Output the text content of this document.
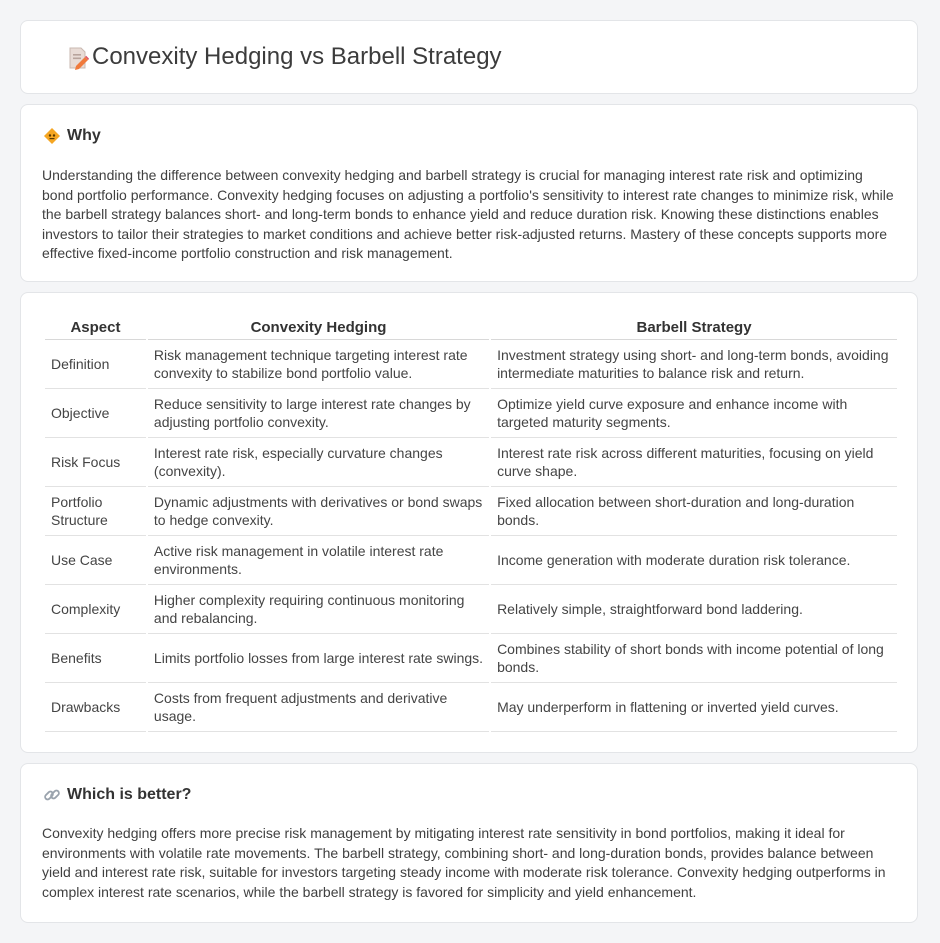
Convexity Hedging vs Barbell Strategy
Why

Understanding the difference between convexity hedging and barbell strategy is crucial for managing interest rate risk and optimizing bond portfolio performance. Convexity hedging focuses on adjusting a portfolio's sensitivity to interest rate changes to minimize risk, while the barbell strategy balances short- and long-term bonds to enhance yield and reduce duration risk. Knowing these distinctions enables investors to tailor their strategies to market conditions and achieve better risk-adjusted returns. Mastery of these concepts supports more effective fixed-income portfolio construction and risk management.

Aspect	Convexity Hedging	Barbell Strategy
Definition	Risk management technique targeting interest rate convexity to stabilize bond portfolio value.	Investment strategy using short- and long-term bonds, avoiding intermediate maturities to balance risk and return.
Objective	Reduce sensitivity to large interest rate changes by adjusting portfolio convexity.	Optimize yield curve exposure and enhance income with targeted maturity segments.
Risk Focus	Interest rate risk, especially curvature changes (convexity).	Interest rate risk across different maturities, focusing on yield curve shape.
Portfolio Structure	Dynamic adjustments with derivatives or bond swaps to hedge convexity.	Fixed allocation between short-duration and long-duration bonds.
Use Case	Active risk management in volatile interest rate environments.	Income generation with moderate duration risk tolerance.
Complexity	Higher complexity requiring continuous monitoring and rebalancing.	Relatively simple, straightforward bond laddering.
Benefits	Limits portfolio losses from large interest rate swings.	Combines stability of short bonds with income potential of long bonds.
Drawbacks	Costs from frequent adjustments and derivative usage.	May underperform in flattening or inverted yield curves.
Which is better?

Convexity hedging offers more precise risk management by mitigating interest rate sensitivity in bond portfolios, making it ideal for environments with volatile rate movements. The barbell strategy, combining short- and long-duration bonds, provides balance between yield and interest rate risk, suitable for investors targeting steady income with moderate risk tolerance. Convexity hedging outperforms in complex interest rate scenarios, while the barbell strategy is favored for simplicity and yield enhancement.
